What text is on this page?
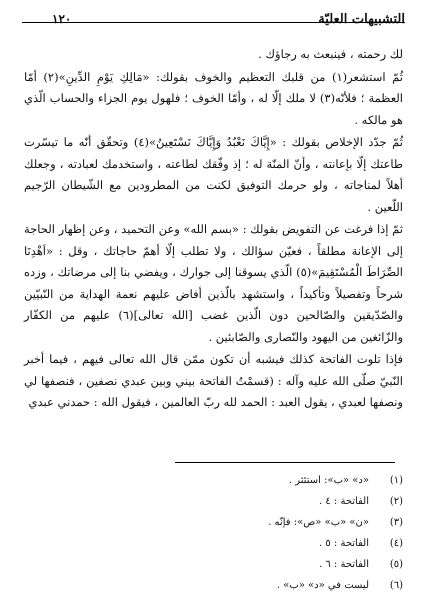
التشبيهات العليّة
١٢٠

لك رحمته ، فينبعث به رجاؤك .

ثُمّ استشعر(١) من قلبك التعظيم والخوف بقولك: «مَالِكِ يَوْمِ الدِّينِ»(٢) أمّا العظمة ؛ فلأنّه(٣) لا ملك إلّا له ، وأمّا الخوف ؛ فلهول يوم الجزاء والحساب الّذي هو مالكه .

ثُمّ جدّد الإخلاص بقولك : «إِيَّاكَ نَعْبُدُ وَإِيَّاكَ نَسْتَعِينُ»(٤) وتحقّق أنّه ما تيسّرت طاعتك إلّا بإعانته ، وأنّ المنّة له ؛ إذ وفّقك لطاعته ، واستخدمك لعبادته ، وجعلك أهلاً لمناجاته ، ولو حرمك التوفيق لكنت من المطرودين مع الشّيطان الرّجيم اللّعين .

ثمّ إذا فرغت عن التفويض بقولك : «بسم الله» وعن التحميد ، وعن إظهار الحاجة إلى الإعانة مطلقاً ، فعيّن سؤالك ، ولا تطلب إلّا أهمّ حاجاتك ، وقل : «اَهْدِنَا الصِّرَاطَ الْمُسْتَقِيمَ»(٥) الّذي يسوقنا إلى جوارك ، ويفضي بنا إلى مرضاتك ، وزده شرحاً وتفصيلاً وتأكيداً ، واستشهد بالّذين أفاض عليهم نعمة الهداية من النّبيّين والصّدّيقين والصّالحين دون الّذين غضب [الله تعالى](٦) عليهم من الكفّار والزّائغين من اليهود والنّصارى والصّابئين .

فإذا تلوت الفاتحة كذلك فيشبه أن تكون ممّن قال الله تعالى فيهم ، فيما أخبر النّبيّ صلّى الله عليه وآله : (قسمْتُ الفاتحة بيني وبين عبدي نصفين ، فنصفها لي ونصفها لعبدي ، يقول العبد : الحمد لله ربّ العالمين ، فيقول الله : حمدني عبدي

(١)
«د» «ب»: استئثر .
(٢)
الفاتحة : ٤ .
(٣)
«ن» «ب» «ص»: فإنّه .
(٤)
الفاتحة : ٥ .
(٥)
الفاتحة : ٦ .
(٦)
ليست في «د» «ب» .
